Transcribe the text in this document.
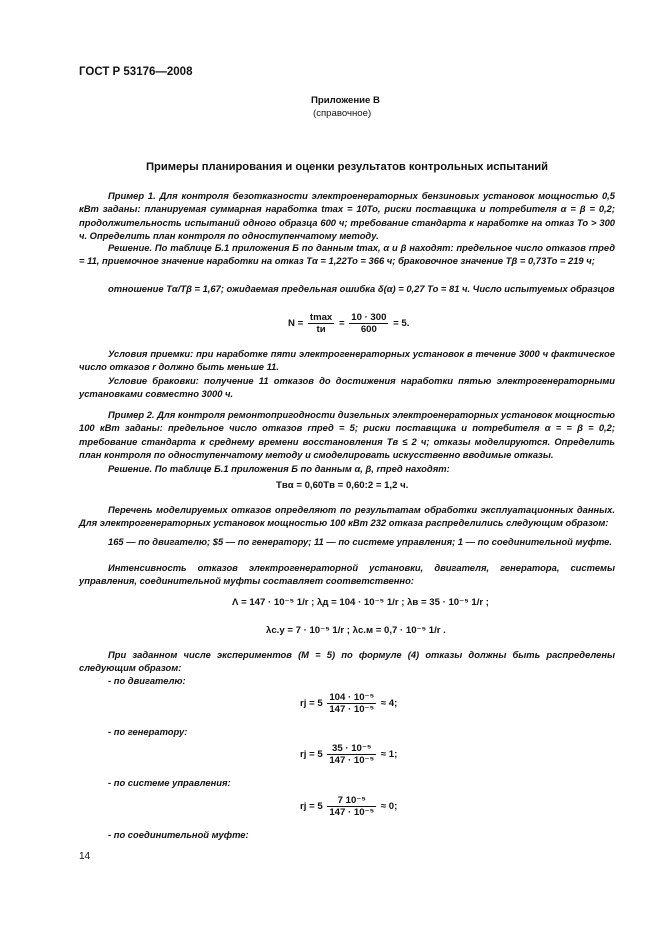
ГОСТ Р 53176—2008
Приложение В
(справочное)
Примеры планирования и оценки результатов контрольных испытаний

Пример 1. Для контроля безотказности электроенераторных бензиновых установок мощностью 0,5 кВт заданы: планируемая суммарная наработка tmax = 10To, риски поставщика и потребителя α = β = 0,2; продолжительность испытаний одного образца 600 ч; требование стандарта к наработке на отказ To > 300 ч. Определить план контроля по одноступенчатому методу.

Решение. По таблице Б.1 приложения Б по данным tmax, α и β находят: предельное число отказов rпред = 11, приемочное значение наработки на отказ Tα = 1,22To = 366 ч; браковочное значение Tβ = 0,73To = 219 ч;

отношение Tα/Tβ = 1,67; ожидаемая предельная ошибка δ(α) = 0,27 To = 81 ч. Число испытуемых образцов

$N = \frac{tmax}{tи} = \frac{10 \cdot 300}{600} = 5$.

Условия приемки: при наработке пяти электрогенераторных установок в течение 3000 ч фактическое число отказов r должно быть меньше 11.

Условие браковки: получение 11 отказов до достижения наработки пятью электрогенераторными установками совместно 3000 ч.

Пример 2. Для контроля ремонтопригодности дизельных электроенераторных установок мощностью 100 кВт заданы: предельное число отказов rпред = 5; риски поставщика и потребителя α = = β = 0,2; требование стандарта к среднему времени восстановления Tв ≤ 2 ч; отказы моделируются. Определить план контроля по одноступенчатому методу и смоделировать искусственно вводимые отказы.

Решение. По таблице Б.1 приложения Б по данным α, β, rпред находят:

Tвα = 0,60Tв = 0,60:2 = 1,2 ч.

Перечень моделируемых отказов определяют по результатам обработки эксплуатационных данных. Для электрогенераторных установок мощностью 100 кВт 232 отказа распределились следующим образом:

165 — по двигателю; $5 — по генератору; 11 — по системе управления; 1 — по соединительной муфте.

Интенсивность отказов электрогенераторной установки, двигателя, генератора, системы управления, соединительной муфты составляет соответственно:

Λ = 147 · 10⁻⁵ 1/r ; λд = 104 · 10⁻⁵ 1/r ; λв = 35 · 10⁻⁵ 1/r ;
λс.у = 7 · 10⁻⁵ 1/r ; λс.м = 0,7 · 10⁻⁵ 1/r .

При заданном числе экспериментов (M = 5) по формуле (4) отказы должны быть распределены следующим образом:

- по двигателю:
rj = $5 \frac{\text{104 · 10⁻⁵}}{\text{147 · 10⁻⁵}} \approx 4$;
- по генератору:
rj = $5 \frac{\text{35 · 10⁻⁵}}{\text{147 · 10⁻⁵}} \approx 1$;
- по системе управления:
rj = $5 \frac{\text{7 10⁻⁵}}{\text{147 · 10⁻⁵}} \approx 0$;
- по соединительной муфте:
14
